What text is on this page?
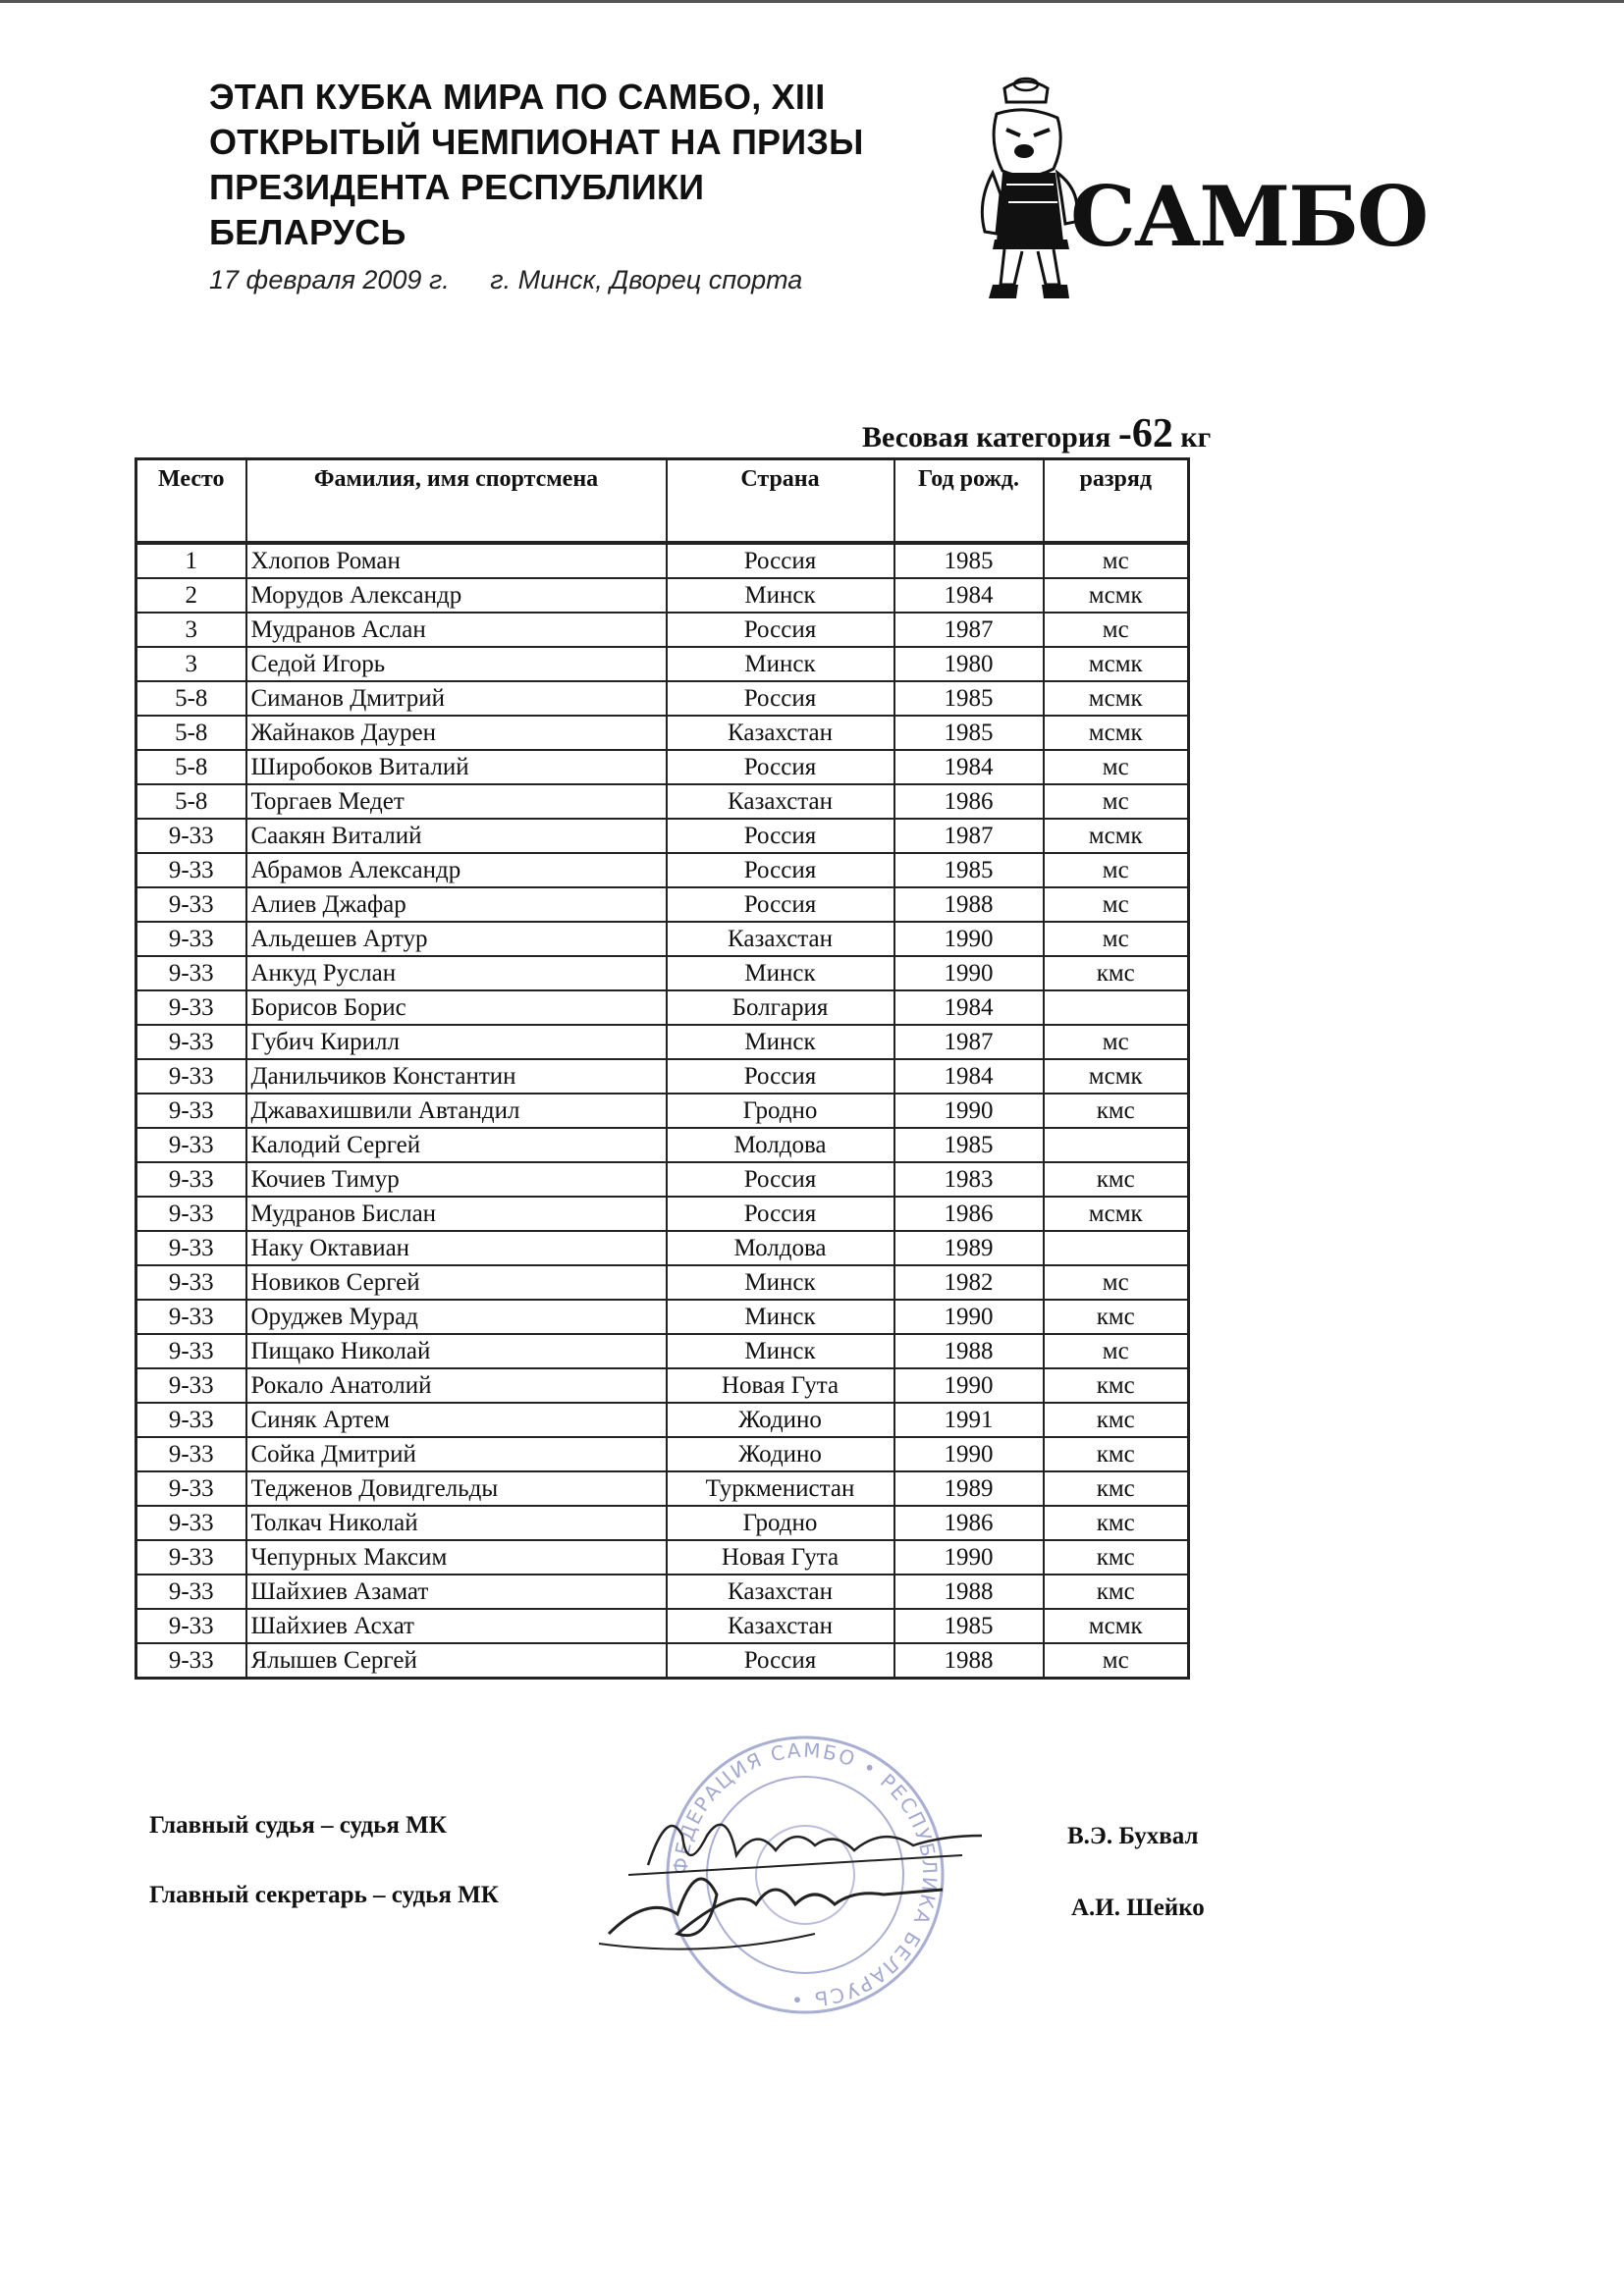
ЭТАП КУБКА МИРА ПО САМБО, XIII
ОТКРЫТЫЙ ЧЕМПИОНАТ НА ПРИЗЫ
ПРЕЗИДЕНТА РЕСПУБЛИКИ
БЕЛАРУСЬ
17 февраля 2009 г. г. Минск, Дворец спорта
САМБО
Весовая категория -62 кг
Место	Фамилия, имя спортсмена	Страна	Год рожд.	разряд
1	Хлопов Роман	Россия	1985	мс
2	Морудов Александр	Минск	1984	мсмк
3	Мудранов Аслан	Россия	1987	мс
3	Седой Игорь	Минск	1980	мсмк
5-8	Симанов Дмитрий	Россия	1985	мсмк
5-8	Жайнаков Даурен	Казахстан	1985	мсмк
5-8	Широбоков Виталий	Россия	1984	мс
5-8	Торгаев Медет	Казахстан	1986	мс
9-33	Саакян Виталий	Россия	1987	мсмк
9-33	Абрамов Александр	Россия	1985	мс
9-33	Алиев Джафар	Россия	1988	мс
9-33	Альдешев Артур	Казахстан	1990	мс
9-33	Анкуд Руслан	Минск	1990	кмс
9-33	Борисов Борис	Болгария	1984	
9-33	Губич Кирилл	Минск	1987	мс
9-33	Данильчиков Константин	Россия	1984	мсмк
9-33	Джавахишвили Автандил	Гродно	1990	кмс
9-33	Калодий Сергей	Молдова	1985	
9-33	Кочиев Тимур	Россия	1983	кмс
9-33	Мудранов Бислан	Россия	1986	мсмк
9-33	Наку Октавиан	Молдова	1989	
9-33	Новиков Сергей	Минск	1982	мс
9-33	Оруджев Мурад	Минск	1990	кмс
9-33	Пищако Николай	Минск	1988	мс
9-33	Рокало Анатолий	Новая Гута	1990	кмс
9-33	Синяк Артем	Жодино	1991	кмс
9-33	Сойка Дмитрий	Жодино	1990	кмс
9-33	Тедженов Довидгельды	Туркменистан	1989	кмс
9-33	Толкач Николай	Гродно	1986	кмс
9-33	Чепурных Максим	Новая Гута	1990	кмс
9-33	Шайхиев Азамат	Казахстан	1988	кмс
9-33	Шайхиев Асхат	Казахстан	1985	мсмк
9-33	Ялышев Сергей	Россия	1988	мс
Главный судья – судья МК	В.Э. Бухвал
Главный секретарь – судья МК	А.И. Шейко
ФЕДЕРАЦИЯ САМБО • РЕСПУБЛИКА БЕЛАРУСЬ •
